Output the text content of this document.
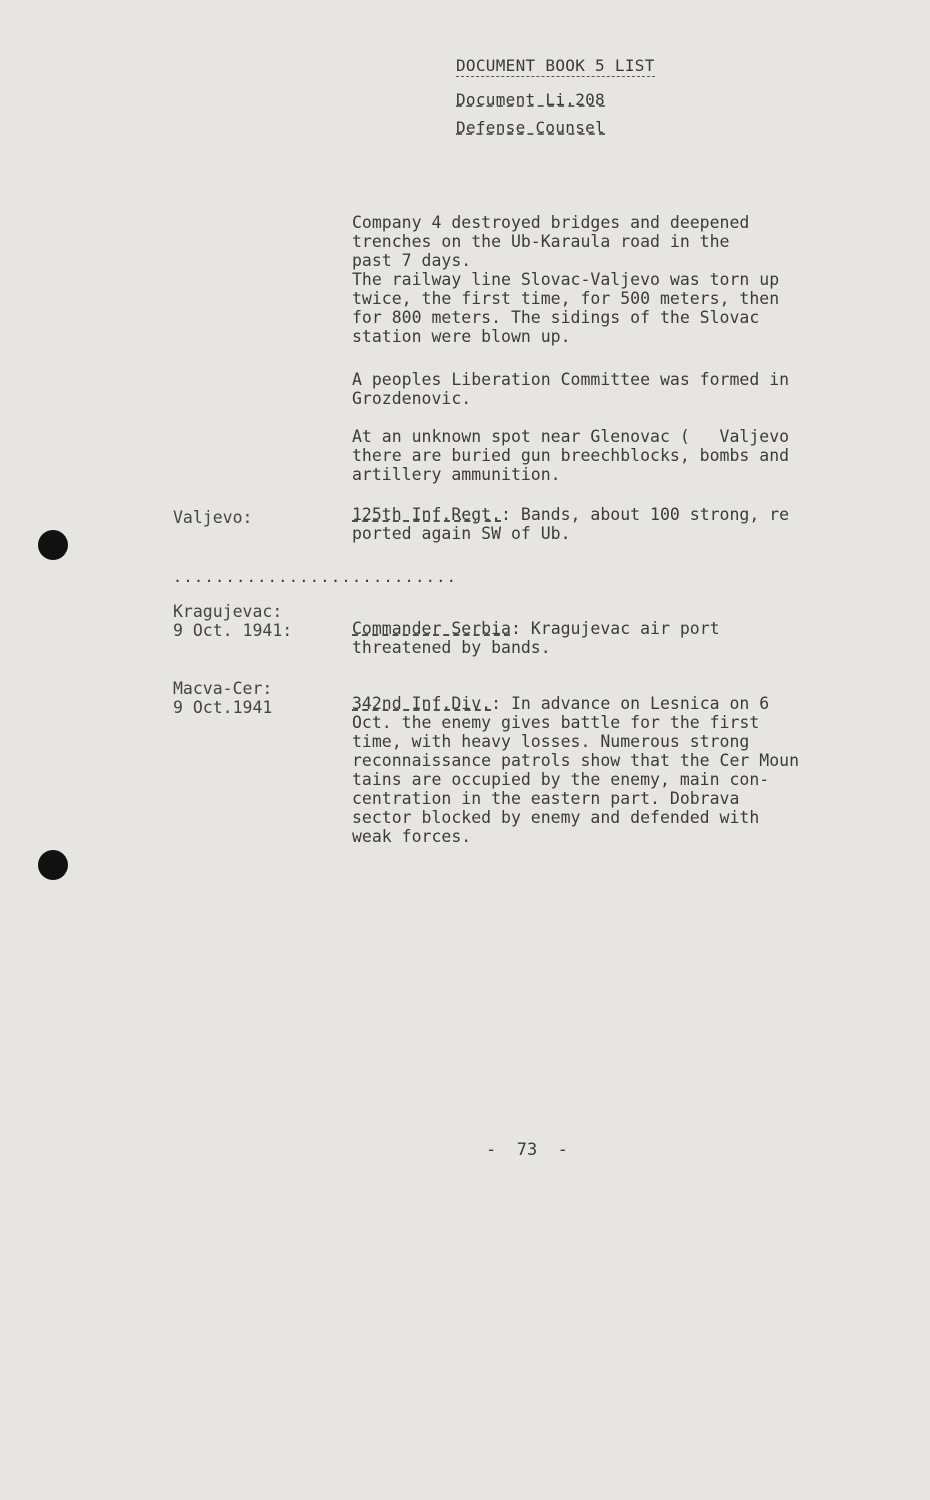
DOCUMENT BOOK 5 LIST
Document Li.208
Defense Counsel
Company 4 destroyed bridges and deepened
trenches on the Ub-Karaula road in the
past 7 days.
The railway line Slovac-Valjevo was torn up
twice, the first time, for 500 meters, then
for 800 meters. The sidings of the Slovac
station were blown up.
A peoples Liberation Committee was formed in
Grozdenovic.
At an unknown spot near Glenovac (   Valjevo
there are buried gun breechblocks, bombs and
artillery ammunition.
Valjevo:	125th Inf.Regt.: Bands, about 100 strong, re
ported again SW of Ub.
...........................
Kragujevac:
9 Oct. 1941:	Commander Serbia: Kragujevac air port
threatened by bands.
Macva-Cer:
9 Oct.1941	342nd Inf.Div.: In advance on Lesnica on 6
Oct. the enemy gives battle for the first
time, with heavy losses. Numerous strong
reconnaissance patrols show that the Cer Moun
tains are occupied by the enemy, main con-
centration in the eastern part. Dobrava
sector blocked by enemy and defended with
weak forces.
-  73  -
